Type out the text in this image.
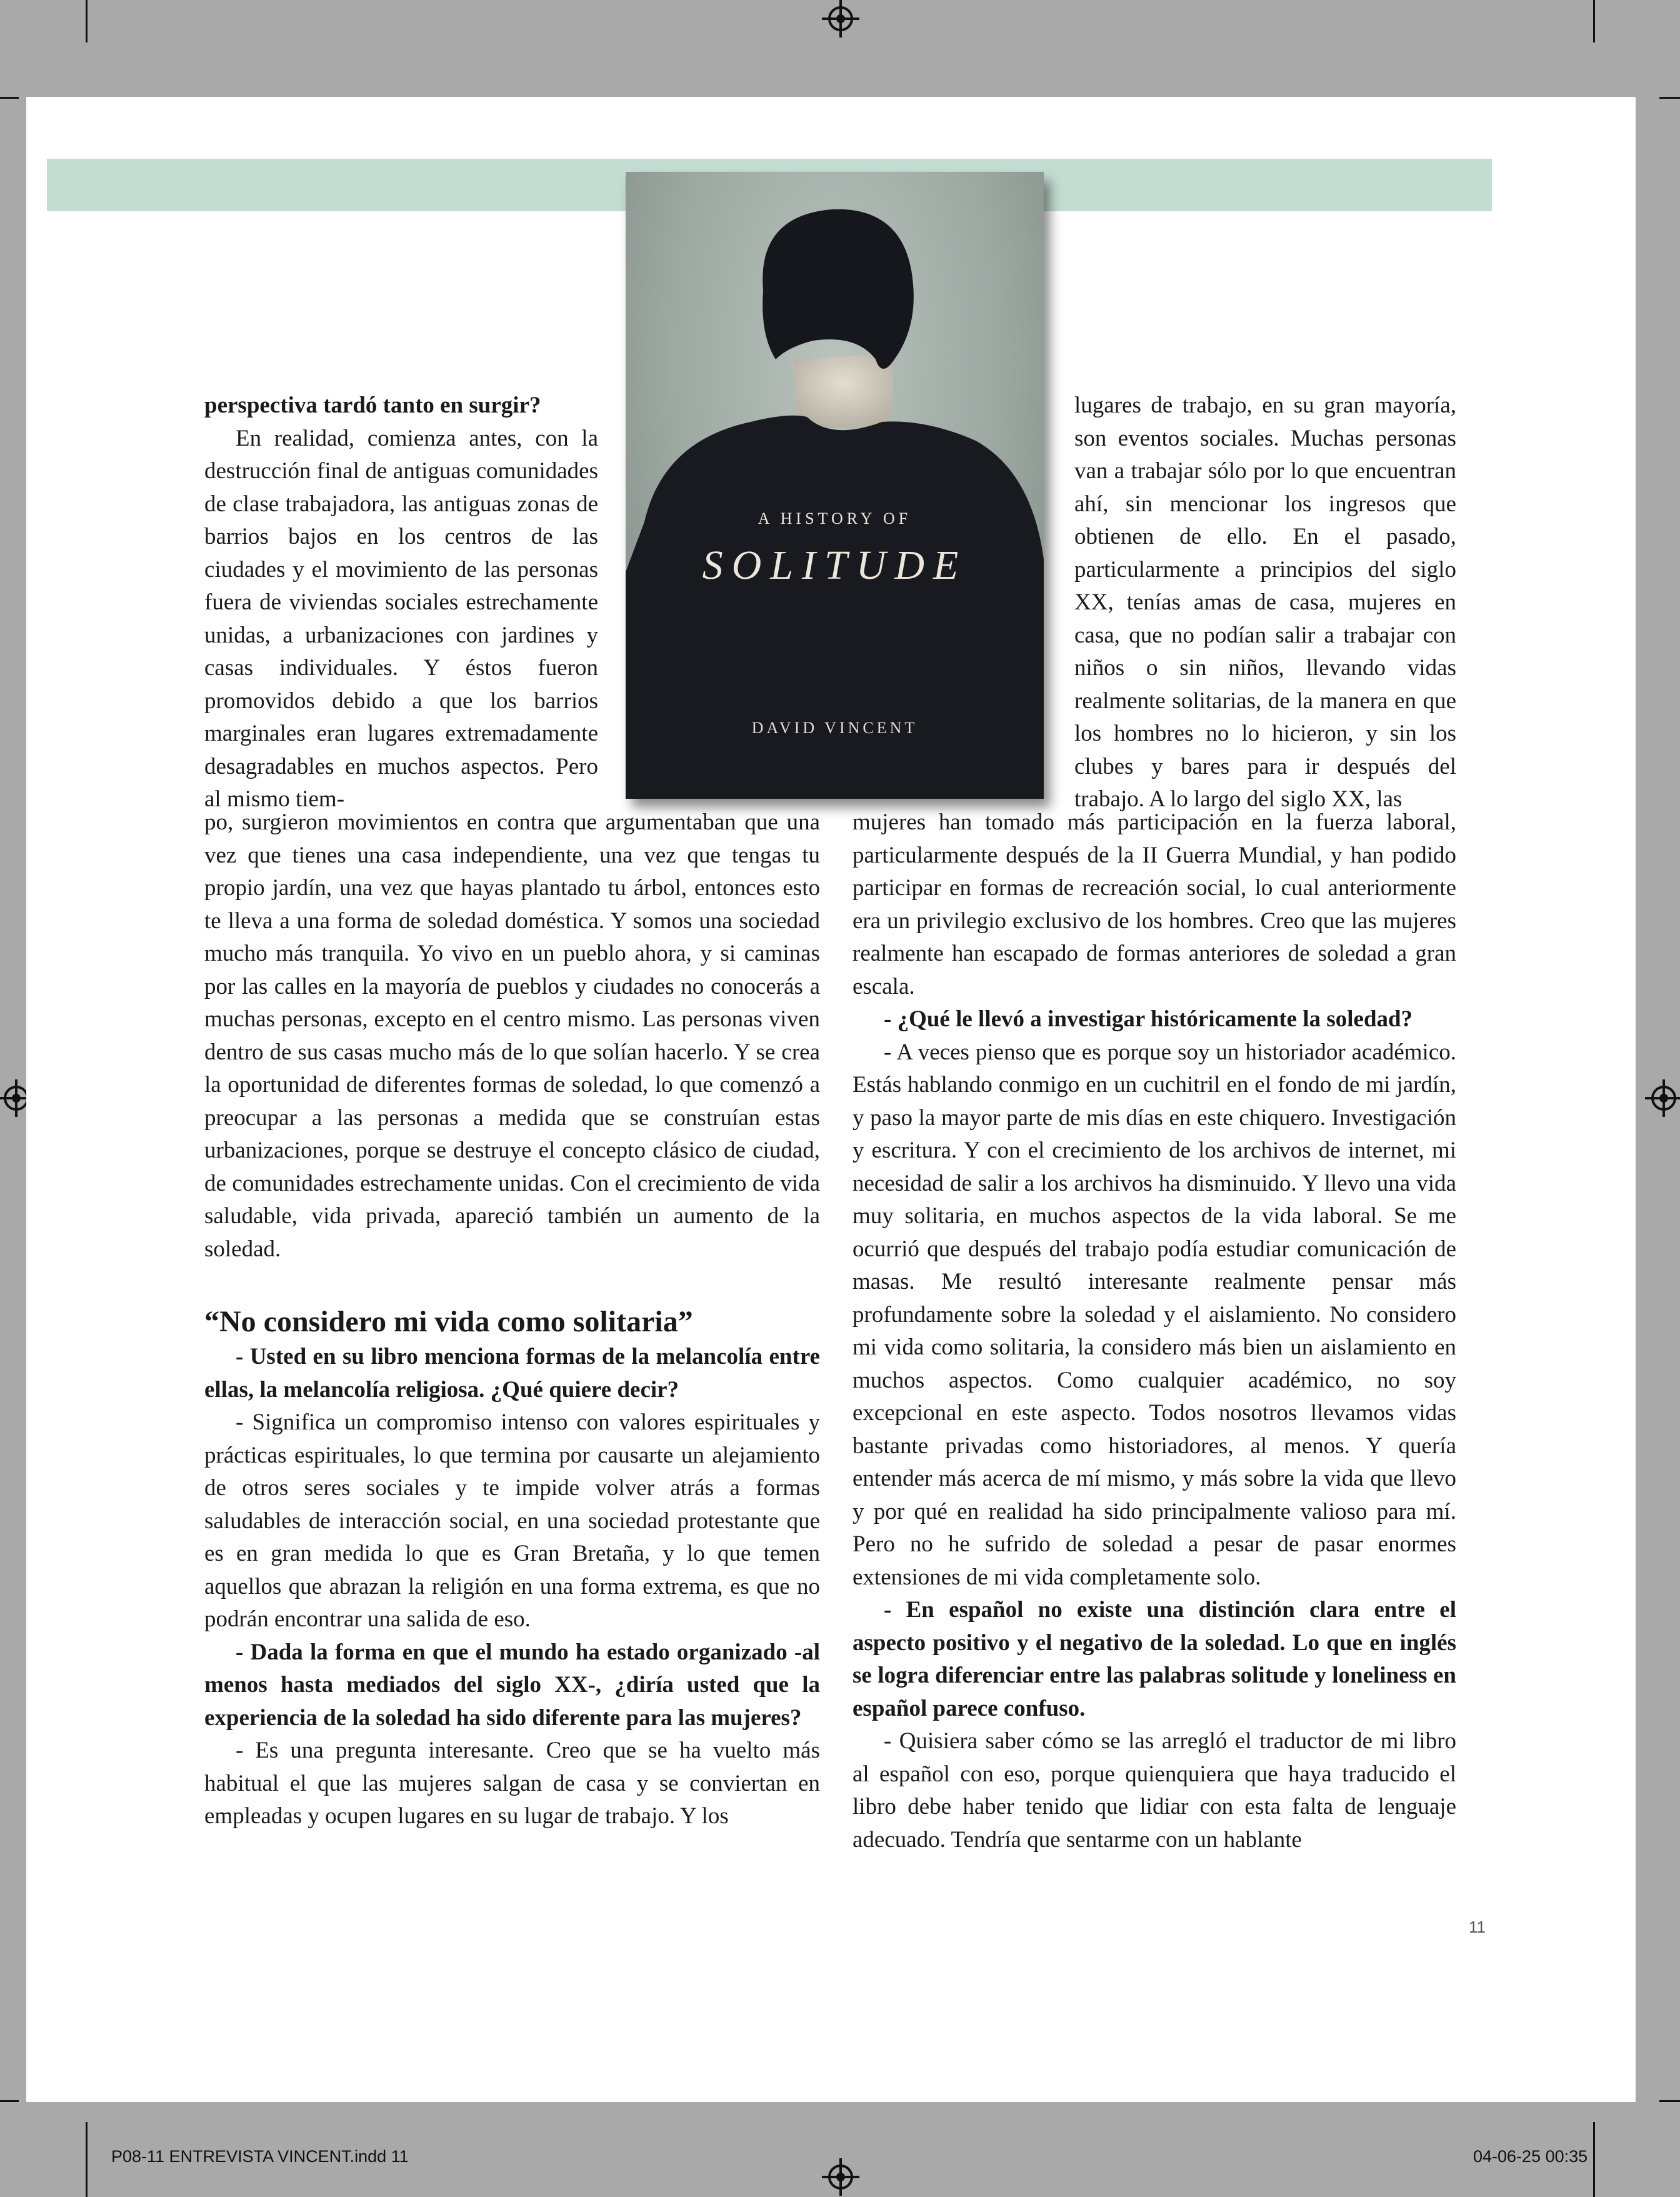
A HISTORY OF
SOLITUDE
DAVID VINCENT

perspectiva tardó tanto en surgir?

En realidad, comienza antes, con la destrucción final de antiguas comunidades de clase trabajadora, las antiguas zonas de barrios bajos en los centros de las ciudades y el movimiento de las personas fuera de viviendas sociales estrechamente unidas, a urbanizaciones con jardines y casas individuales. Y éstos fueron promovidos debido a que los barrios marginales eran lugares extremadamente desagradables en muchos aspectos. Pero al mismo tiem-

lugares de trabajo, en su gran mayoría, son eventos sociales. Muchas personas van a trabajar sólo por lo que encuentran ahí, sin mencionar los ingresos que obtienen de ello. En el pasado, particularmente a principios del siglo XX, tenías amas de casa, mujeres en casa, que no podían salir a trabajar con niños o sin niños, llevando vidas realmente solitarias, de la manera en que los hombres no lo hicieron, y sin los clubes y bares para ir después del trabajo. A lo largo del siglo XX, las

po, surgieron movimientos en contra que argumentaban que una vez que tienes una casa independiente, una vez que tengas tu propio jardín, una vez que hayas plantado tu árbol, entonces esto te lleva a una forma de soledad doméstica. Y somos una sociedad mucho más tranquila. Yo vivo en un pueblo ahora, y si caminas por las calles en la mayoría de pueblos y ciudades no conocerás a muchas personas, excepto en el centro mismo. Las personas viven dentro de sus casas mucho más de lo que solían hacerlo. Y se crea la oportunidad de diferentes formas de soledad, lo que comenzó a preocupar a las personas a medida que se construían estas urbanizaciones, porque se destruye el concepto clásico de ciudad, de comunidades estrechamente unidas. Con el crecimiento de vida saludable, vida privada, apareció también un aumento de la soledad.

“No considero mi vida como solitaria”

- Usted en su libro menciona formas de la melancolía entre ellas, la melancolía religiosa. ¿Qué quiere decir?

- Significa un compromiso intenso con valores espirituales y prácticas espirituales, lo que termina por causarte un alejamiento de otros seres sociales y te impide volver atrás a formas saludables de interacción social, en una sociedad protestante que es en gran medida lo que es Gran Bretaña, y lo que temen aquellos que abrazan la religión en una forma extrema, es que no podrán encontrar una salida de eso.

- Dada la forma en que el mundo ha estado organizado -al menos hasta mediados del siglo XX-, ¿diría usted que la experiencia de la soledad ha sido diferente para las mujeres?

- Es una pregunta interesante. Creo que se ha vuelto más habitual el que las mujeres salgan de casa y se conviertan en empleadas y ocupen lugares en su lugar de trabajo. Y los

mujeres han tomado más participación en la fuerza laboral, particularmente después de la II Guerra Mundial, y han podido participar en formas de recreación social, lo cual anteriormente era un privilegio exclusivo de los hombres. Creo que las mujeres realmente han escapado de formas anteriores de soledad a gran escala.

- ¿Qué le llevó a investigar históricamente la soledad?

- A veces pienso que es porque soy un historiador académico. Estás hablando conmigo en un cuchitril en el fondo de mi jardín, y paso la mayor parte de mis días en este chiquero. Investigación y escritura. Y con el crecimiento de los archivos de internet, mi necesidad de salir a los archivos ha disminuido. Y llevo una vida muy solitaria, en muchos aspectos de la vida laboral. Se me ocurrió que después del trabajo podía estudiar comunicación de masas. Me resultó interesante realmente pensar más profundamente sobre la soledad y el aislamiento. No considero mi vida como solitaria, la considero más bien un aislamiento en muchos aspectos. Como cualquier académico, no soy excepcional en este aspecto. Todos nosotros llevamos vidas bastante privadas como historiadores, al menos. Y quería entender más acerca de mí mismo, y más sobre la vida que llevo y por qué en realidad ha sido principalmente valioso para mí. Pero no he sufrido de soledad a pesar de pasar enormes extensiones de mi vida completamente solo.

- En español no existe una distinción clara entre el aspecto positivo y el negativo de la soledad. Lo que en inglés se logra diferenciar entre las palabras solitude y loneliness en español parece confuso.

- Quisiera saber cómo se las arregló el traductor de mi libro al español con eso, porque quienquiera que haya traducido el libro debe haber tenido que lidiar con esta falta de lenguaje adecuado. Tendría que sentarme con un hablante

11
P08-11 ENTREVISTA VINCENT.indd 11	04-06-25 00:35
